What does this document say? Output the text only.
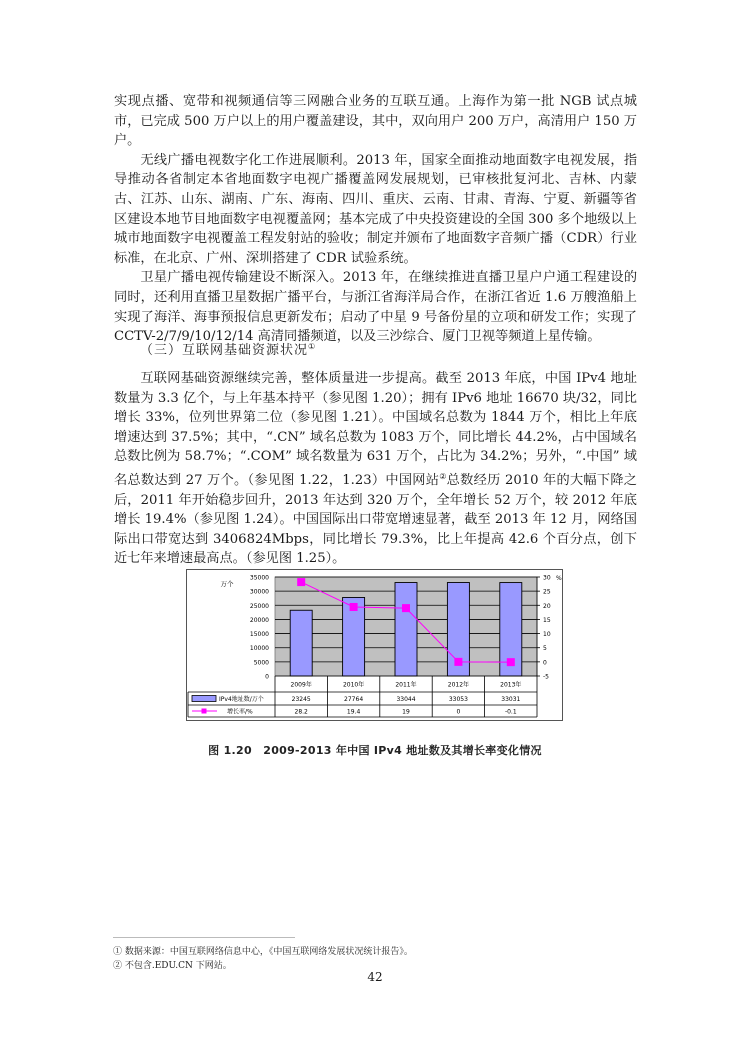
实现点播、宽带和视频通信等三网融合业务的互联互通。上海作为第一批 NGB 试点城市，已完成 500 万户以上的用户覆盖建设，其中，双向用户 200 万户，高清用户 150 万户。

无线广播电视数字化工作进展顺利。2013 年，国家全面推动地面数字电视发展，指导推动各省制定本省地面数字电视广播覆盖网发展规划，已审核批复河北、吉林、内蒙古、江苏、山东、湖南、广东、海南、四川、重庆、云南、甘肃、青海、宁夏、新疆等省区建设本地节目地面数字电视覆盖网；基本完成了中央投资建设的全国 300 多个地级以上城市地面数字电视覆盖工程发射站的验收；制定并颁布了地面数字音频广播（CDR）行业标准，在北京、广州、深圳搭建了 CDR 试验系统。

卫星广播电视传输建设不断深入。2013 年，在继续推进直播卫星户户通工程建设的同时，还利用直播卫星数据广播平台，与浙江省海洋局合作，在浙江省近 1.6 万艘渔船上实现了海洋、海事预报信息更新发布；启动了中星 9 号备份星的立项和研发工作；实现了 CCTV-2/7/9/10/12/14 高清同播频道，以及三沙综合、厦门卫视等频道上星传输。

（三）互联网基础资源状况①

互联网基础资源继续完善，整体质量进一步提高。截至 2013 年底，中国 IPv4 地址数量为 3.3 亿个，与上年基本持平（参见图 1.20）；拥有 IPv6 地址 16670 块/32，同比增长 33%，位列世界第二位（参见图 1.21）。中国域名总数为 1844 万个，相比上年底增速达到 37.5%；其中，“.CN” 域名总数为 1083 万个，同比增长 44.2%，占中国域名总数比例为 58.7%；“.COM” 域名数量为 631 万个，占比为 34.2%；另外，“.中国” 域名总数达到 27 万个。（参见图 1.22，1.23）中国网站②总数经历 2010 年的大幅下降之后，2011 年开始稳步回升，2013 年达到 320 万个，全年增长 52 万个，较 2012 年底增长 19.4%（参见图 1.24）。中国国际出口带宽增速显著，截至 2013 年 12 月，网络国际出口带宽达到 3406824Mbps，同比增长 79.3%，比上年提高 42.6 个百分点，创下近七年来增速最高点。（参见图 1.25）。

0
5000
10000
15000
20000
25000
30000
35000
万个
-5
0
5
10
15
20
25
30 %
2009年
23245
28.2
2010年
27764
19.4
2011年
33044
19
2012年
33053
0
2013年
33031
-0.1
IPv4地址数/万个
增长率/%
图 1.20　2009-2013 年中国 IPv4 地址数及其增长率变化情况
① 数据来源：中国互联网络信息中心，《中国互联网络发展状况统计报告》。
② 不包含.EDU.CN 下网站。
42
